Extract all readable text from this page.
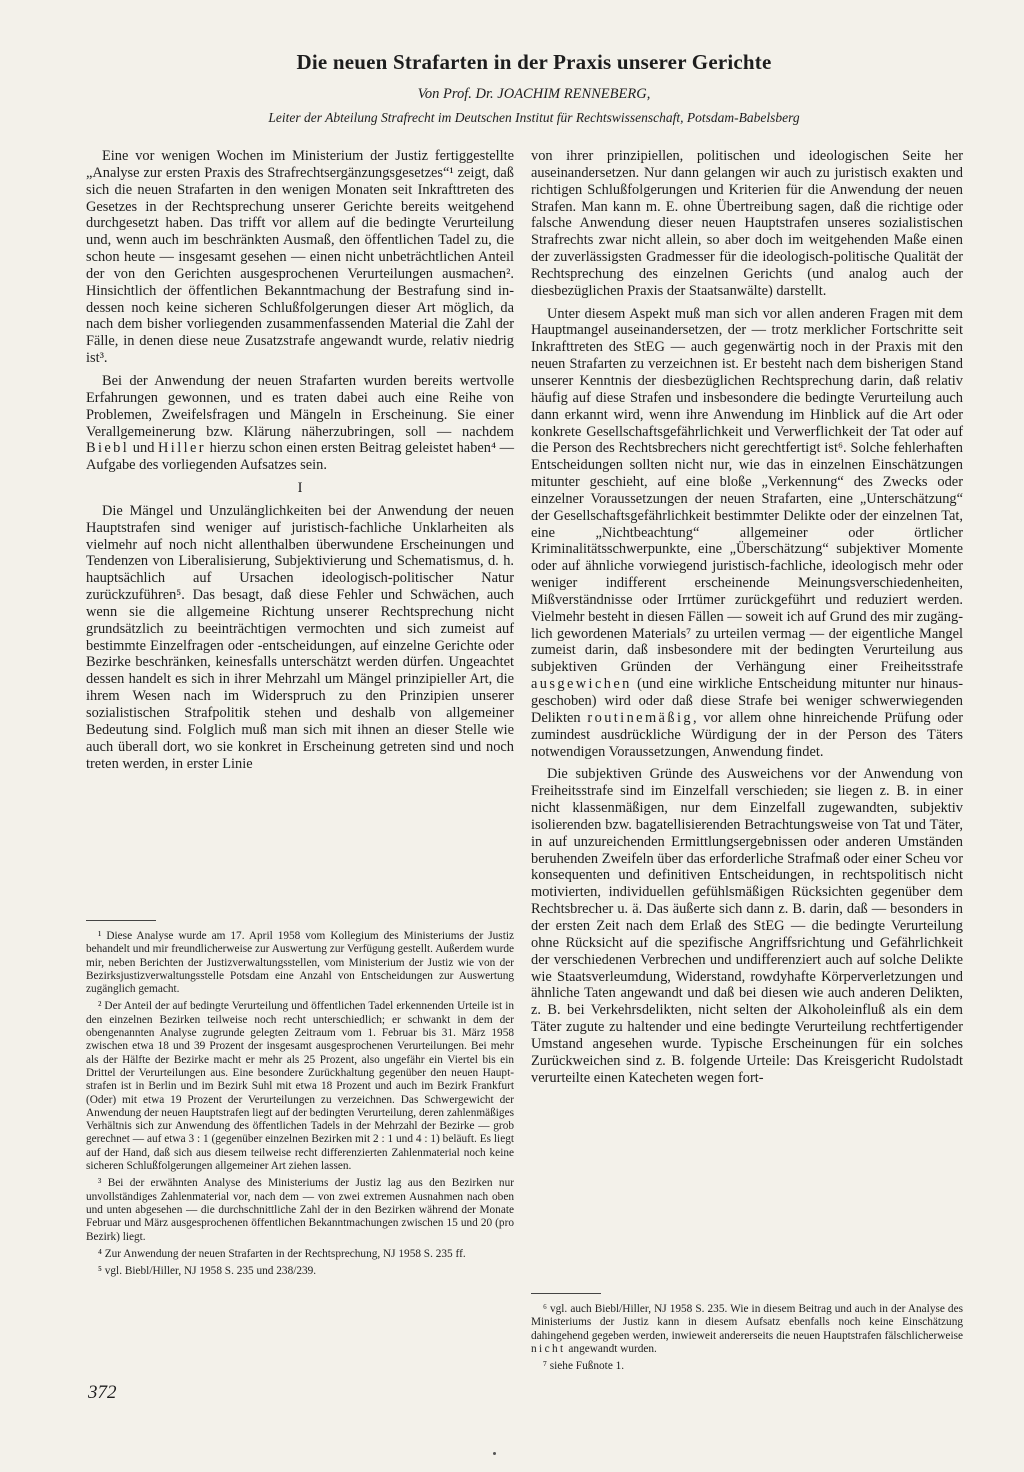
Die neuen Strafarten in der Praxis unserer Gerichte
Von Prof. Dr. JOACHIM RENNEBERG,
Leiter der Abteilung Strafrecht im Deutschen Institut für Rechtswissenschaft, Potsdam-Babelsberg

Eine vor wenigen Wochen im Ministerium der Justiz fertiggestellte „Analyse zur ersten Praxis des Strafrechtsergänzungsgesetzes“¹ zeigt, daß sich die neuen Strafarten in den wenigen Monaten seit Inkrafttreten des Gesetzes in der Rechtsprechung unserer Gerichte bereits weitgehend durchgesetzt haben. Das trifft vor allem auf die bedingte Verurteilung und, wenn auch im beschränkten Ausmaß, den öffentlichen Tadel zu, die schon heute — insgesamt gesehen — einen nicht unbeträchtlichen Anteil der von den Gerichten ausgesprochenen Verurteilungen ausmachen². Hinsichtlich der öffentlichen Bekanntmachung der Bestrafung sind indessen noch keine sicheren Schlußfolgerungen dieser Art möglich, da nach dem bisher vorliegenden zusammenfassenden Material die Zahl der Fälle, in denen diese neue Zusatzstrafe angewandt wurde, relativ niedrig ist³.

Bei der Anwendung der neuen Strafarten wurden bereits wertvolle Erfahrungen gewonnen, und es traten dabei auch eine Reihe von Problemen, Zweifelsfragen und Mängeln in Erscheinung. Sie einer Verallgemeinerung bzw. Klärung näherzubringen, soll — nachdem Biebl und Hiller hierzu schon einen ersten Beitrag geleistet haben⁴ — Aufgabe des vorliegenden Aufsatzes sein.

I

Die Mängel und Unzulänglichkeiten bei der Anwendung der neuen Hauptstrafen sind weniger auf juristisch-fachliche Unklarheiten als vielmehr auf noch nicht allenthalben überwundene Erscheinungen und Tendenzen von Liberalisierung, Subjektivierung und Schematismus, d. h. hauptsächlich auf Ursachen ideologisch-politischer Natur zurückzuführen⁵. Das besagt, daß diese Fehler und Schwächen, auch wenn sie die allgemeine Richtung unserer Rechtsprechung nicht grundsätzlich zu beeinträchtigen vermochten und sich zumeist auf bestimmte Einzelfragen oder -entscheidungen, auf einzelne Gerichte oder Bezirke beschränken, keinesfalls unterschätzt werden dürfen. Ungeachtet dessen handelt es sich in ihrer Mehrzahl um Mängel prinzipieller Art, die ihrem Wesen nach im Widerspruch zu den Prinzipien unserer sozialistischen Strafpolitik stehen und deshalb von allgemeiner Bedeutung sind. Folglich muß man sich mit ihnen an dieser Stelle wie auch überall dort, wo sie konkret in Erscheinung getreten sind und noch treten werden, in erster Linie

¹ Diese Analyse wurde am 17. April 1958 vom Kollegium des Ministeriums der Justiz behandelt und mir freundlicherweise zur Auswertung zur Verfügung gestellt. Außerdem wurde mir, neben Berichten der Justizverwaltungsstellen, vom Ministerium der Justiz wie von der Bezirksjustizverwaltungsstelle Potsdam eine Anzahl von Entscheidungen zur Auswertung zugänglich gemacht.

² Der Anteil der auf bedingte Verurteilung und öffentlichen Tadel erkennenden Urteile ist in den einzelnen Bezirken teilweise noch recht unterschiedlich; er schwankt in dem der obengenannten Analyse zugrunde gelegten Zeitraum vom 1. Februar bis 31. März 1958 zwischen etwa 18 und 39 Prozent der insgesamt ausgesprochenen Verurteilungen. Bei mehr als der Hälfte der Bezirke macht er mehr als 25 Prozent, also ungefähr ein Viertel bis ein Drittel der Verurteilungen aus. Eine besondere Zurückhaltung gegenüber den neuen Hauptstrafen ist in Berlin und im Bezirk Suhl mit etwa 18 Prozent und auch im Bezirk Frankfurt (Oder) mit etwa 19 Prozent der Verurteilungen zu verzeichnen. Das Schwergewicht der Anwendung der neuen Hauptstrafen liegt auf der bedingten Verurteilung, deren zahlenmäßiges Verhältnis sich zur Anwendung des öffentlichen Tadels in der Mehrzahl der Bezirke — grob gerechnet — auf etwa 3 : 1 (gegenüber einzelnen Bezirken mit 2 : 1 und 4 : 1) beläuft. Es liegt auf der Hand, daß sich aus diesem teilweise recht differenzierten Zahlenmaterial noch keine sicheren Schlußfolgerungen allgemeiner Art ziehen lassen.

³ Bei der erwähnten Analyse des Ministeriums der Justiz lag aus den Bezirken nur unvollständiges Zahlenmaterial vor, nach dem — von zwei extremen Ausnahmen nach oben und unten abgesehen — die durchschnittliche Zahl der in den Bezirken während der Monate Februar und März ausgesprochenen öffentlichen Bekanntmachungen zwischen 15 und 20 (pro Bezirk) liegt.

⁴ Zur Anwendung der neuen Strafarten in der Rechtsprechung, NJ 1958 S. 235 ff.

⁵ vgl. Biebl/Hiller, NJ 1958 S. 235 und 238/239.

von ihrer prinzipiellen, politischen und ideologischen Seite her auseinandersetzen. Nur dann gelangen wir auch zu juristisch exakten und richtigen Schlußfolgerungen und Kriterien für die Anwendung der neuen Strafen. Man kann m. E. ohne Übertreibung sagen, daß die richtige oder falsche Anwendung dieser neuen Hauptstrafen unseres sozialistischen Strafrechts zwar nicht allein, so aber doch im weitgehenden Maße einen der zuverlässigsten Gradmesser für die ideologisch-politische Qualität der Rechtsprechung des einzelnen Gerichts (und analog auch der diesbezüglichen Praxis der Staatsanwälte) darstellt.

Unter diesem Aspekt muß man sich vor allen anderen Fragen mit dem Hauptmangel auseinandersetzen, der — trotz merklicher Fortschritte seit Inkrafttreten des StEG — auch gegenwärtig noch in der Praxis mit den neuen Strafarten zu verzeichnen ist. Er besteht nach dem bisherigen Stand unserer Kenntnis der diesbezüglichen Rechtsprechung darin, daß relativ häufig auf diese Strafen und insbesondere die bedingte Verurteilung auch dann erkannt wird, wenn ihre Anwendung im Hinblick auf die Art oder konkrete Gesellschaftsgefährlichkeit und Verwerflichkeit der Tat oder auf die Person des Rechtsbrechers nicht gerechtfertigt ist⁶. Solche fehlerhaften Entscheidungen sollten nicht nur, wie das in einzelnen Einschätzungen mitunter geschieht, auf eine bloße „Verkennung“ des Zwecks oder einzelner Voraussetzungen der neuen Strafarten, eine „Unterschätzung“ der Gesellschaftsgefährlichkeit bestimmter Delikte oder der einzelnen Tat, eine „Nichtbeachtung“ allgemeiner oder örtlicher Kriminalitätsschwerpunkte, eine „Überschätzung“ subjektiver Momente oder auf ähnliche vorwiegend juristisch-fachliche, ideologisch mehr oder weniger indifferent erscheinende Meinungsverschiedenheiten, Mißverständnisse oder Irrtümer zurückgeführt und reduziert werden. Vielmehr besteht in diesen Fällen — soweit ich auf Grund des mir zugänglich gewordenen Materials⁷ zu urteilen vermag — der eigentliche Mangel zumeist darin, daß insbesondere mit der bedingten Verurteilung aus subjektiven Gründen der Verhängung einer Freiheitsstrafe ausgewichen (und eine wirkliche Entscheidung mitunter nur hinausgeschoben) wird oder daß diese Strafe bei weniger schwerwiegenden Delikten routinemäßig, vor allem ohne hinreichende Prüfung oder zumindest ausdrückliche Würdigung der in der Person des Täters notwendigen Voraussetzungen, Anwendung findet.

Die subjektiven Gründe des Ausweichens vor der Anwendung von Freiheitsstrafe sind im Einzelfall verschieden; sie liegen z. B. in einer nicht klassenmäßigen, nur dem Einzelfall zugewandten, subjektiv isolierenden bzw. bagatellisierenden Betrachtungsweise von Tat und Täter, in auf unzureichenden Ermittlungsergebnissen oder anderen Umständen beruhenden Zweifeln über das erforderliche Strafmaß oder einer Scheu vor konsequenten und definitiven Entscheidungen, in rechtspolitisch nicht motivierten, individuellen gefühlsmäßigen Rücksichten gegenüber dem Rechtsbrecher u. ä. Das äußerte sich dann z. B. darin, daß — besonders in der ersten Zeit nach dem Erlaß des StEG — die bedingte Verurteilung ohne Rücksicht auf die spezifische Angriffsrichtung und Gefährlichkeit der verschiedenen Verbrechen und undifferenziert auch auf solche Delikte wie Staatsverleumdung, Widerstand, rowdyhafte Körperverletzungen und ähnliche Taten angewandt und daß bei diesen wie auch anderen Delikten, z. B. bei Verkehrsdelikten, nicht selten der Alkoholeinfluß als ein dem Täter zugute zu haltender und eine bedingte Verurteilung rechtfertigender Umstand angesehen wurde. Typische Erscheinungen für ein solches Zurückweichen sind z. B. folgende Urteile: Das Kreisgericht Rudolstadt verurteilte einen Katecheten wegen fort-

⁶ vgl. auch Biebl/Hiller, NJ 1958 S. 235. Wie in diesem Beitrag und auch in der Analyse des Ministeriums der Justiz kann in diesem Aufsatz ebenfalls noch keine Einschätzung dahingehend gegeben werden, inwieweit andererseits die neuen Hauptstrafen fälschlicherweise nicht angewandt wurden.

⁷ siehe Fußnote 1.

372
